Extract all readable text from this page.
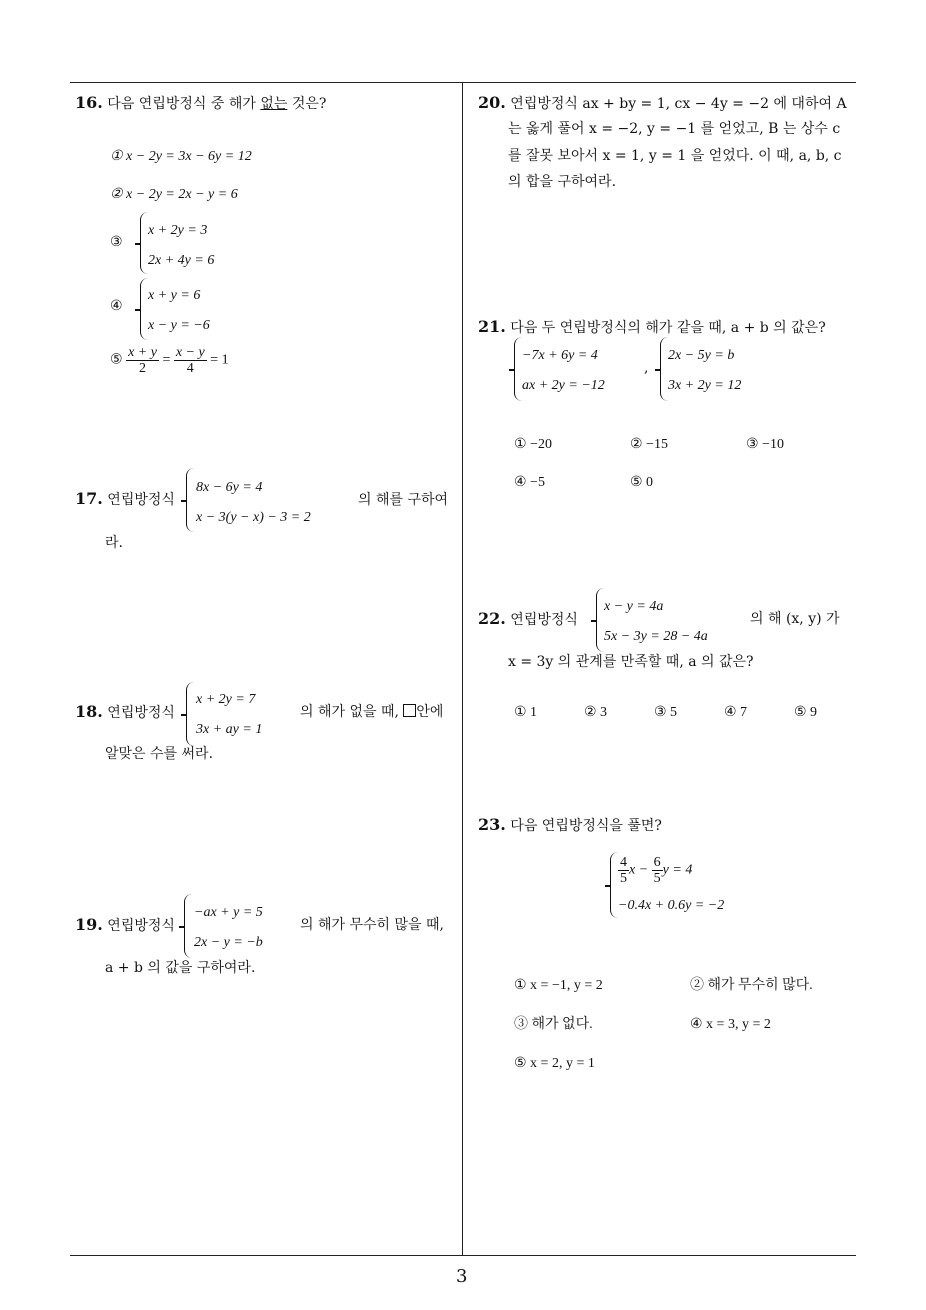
16. 다음 연립방정식 중 해가 없는 것은?
① x − 2y = 3x − 6y = 12
② x − 2y = 2x − y = 6
③
x + 2y = 3
2x + 4y = 6
④
x + y = 6
x − y = −6
⑤ $\frac{x + y}{2} = \frac{x - y}{4} = 1$
17. 연립방정식
8x − 6y = 4
x − 3(y − x) − 3 = 2
의 해를 구하여
라.
18. 연립방정식
x + 2y = 7
3x + ay = 1
의 해가 없을 때, 안에
알맞은 수를 써라.
19. 연립방정식
−ax + y = 5
2x − y = −b
의 해가 무수히 많을 때,
a + b 의 값을 구하여라.
20. 연립방정식 ax + by = 1, cx − 4y = −2 에 대하여 A
는 옳게 풀어 x = −2, y = −1 를 얻었고, B 는 상수 c
를 잘못 보아서 x = 1, y = 1 을 얻었다. 이 때, a, b, c
의 합을 구하여라.
21. 다음 두 연립방정식의 해가 같을 때, a + b 의 값은?
−7x + 6y = 4
ax + 2y = −12
,
2x − 5y = b
3x + 2y = 12
① −20	② −15	③ −10
④ −5	⑤ 0
22. 연립방정식
x − y = 4a
5x − 3y = 28 − 4a
의 해 (x, y) 가
x = 3y 의 관계를 만족할 때, a 의 값은?
① 1	② 3	③ 5	④ 7	⑤ 9
23. 다음 연립방정식을 풀면?
$\frac{4}{5}$ $x - \frac{6}{5}$ y = 4
−0.4x + 0.6y = −2
① x = −1, y = 2	② 해가 무수히 많다.
③ 해가 없다.	④ x = 3, y = 2
⑤ x = 2, y = 1
3
